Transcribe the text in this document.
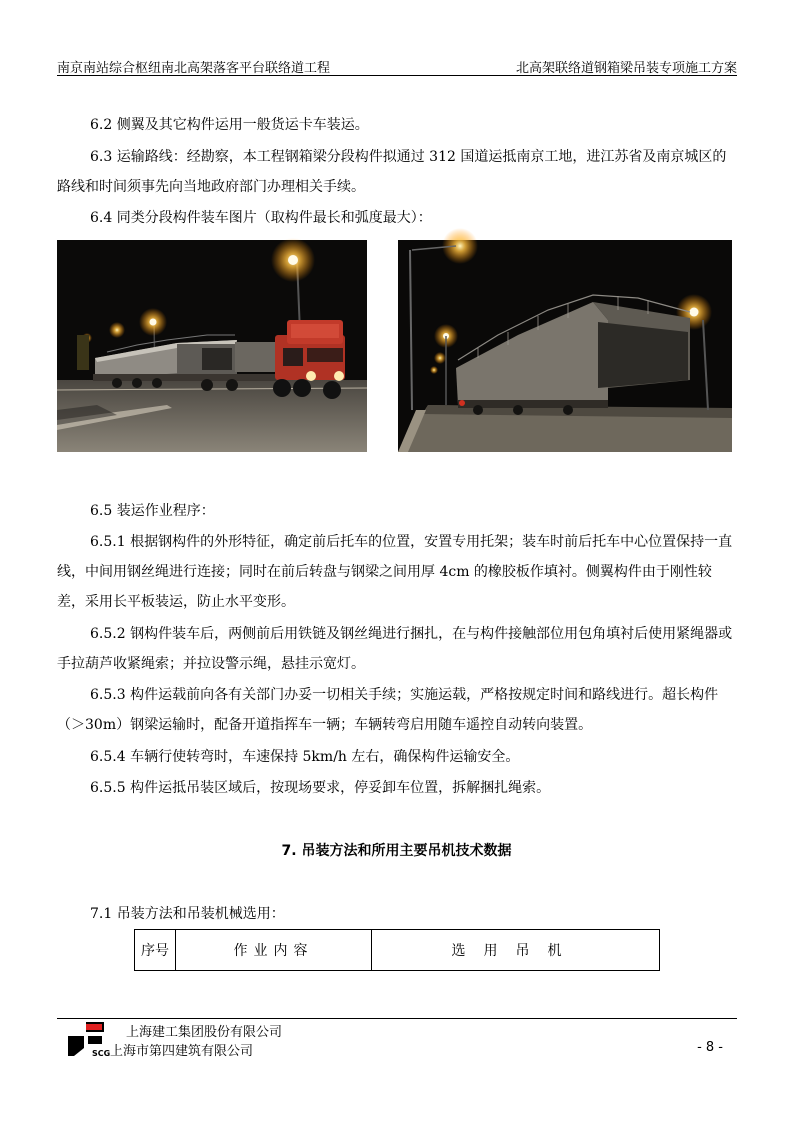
南京南站综合枢纽南北高架落客平台联络道工程	北高架联络道钢箱梁吊装专项施工方案

6.2 侧翼及其它构件运用一般货运卡车装运。

6.3 运输路线：经勘察，本工程钢箱梁分段构件拟通过 312 国道运抵南京工地，进江苏省及南京城区的路线和时间须事先向当地政府部门办理相关手续。

6.4 同类分段构件装车图片（取构件最长和弧度最大）：

6.5 装运作业程序：

6.5.1 根据钢构件的外形特征，确定前后托车的位置，安置专用托架；装车时前后托车中心位置保持一直线，中间用钢丝绳进行连接；同时在前后转盘与钢梁之间用厚 4cm 的橡胶板作填衬。侧翼构件由于刚性较差，采用长平板装运，防止水平变形。

6.5.2 钢构件装车后，两侧前后用铁链及钢丝绳进行捆扎，在与构件接触部位用包角填衬后使用紧绳器或手拉葫芦收紧绳索；并拉设警示绳，悬挂示宽灯。

6.5.3 构件运载前向各有关部门办妥一切相关手续；实施运载，严格按规定时间和路线进行。超长构件（＞30m）钢梁运输时，配备开道指挥车一辆；车辆转弯启用随车遥控自动转向装置。

6.5.4 车辆行使转弯时，车速保持 5km/h 左右，确保构件运输安全。

6.5.5 构件运抵吊装区域后，按现场要求，停妥卸车位置，拆解捆扎绳索。

7. 吊装方法和所用主要吊机技术数据

7.1 吊装方法和吊装机械选用：

序号	作业内容	选用吊机
SCG
上海建工集团股份有限公司
上海市第四建筑有限公司	- 8 -
